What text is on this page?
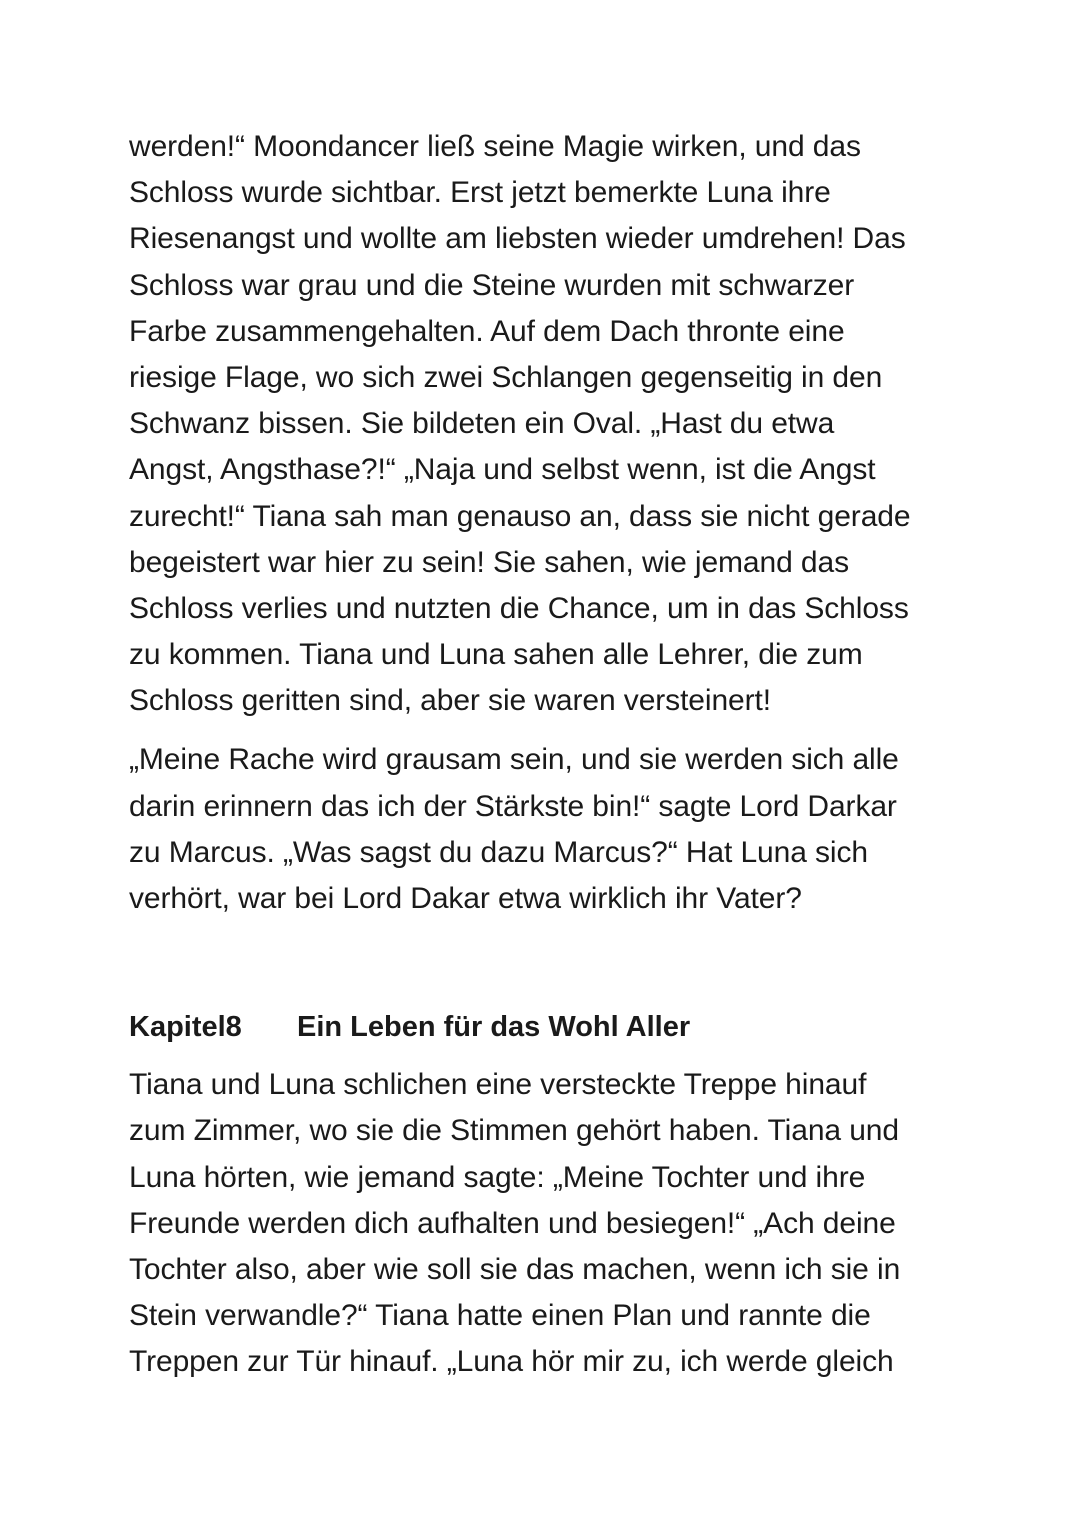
werden!“ Moondancer ließ seine Magie wirken, und das
Schloss wurde sichtbar. Erst jetzt bemerkte Luna ihre
Riesenangst und wollte am liebsten wieder umdrehen! Das
Schloss war grau und die Steine wurden mit schwarzer
Farbe zusammengehalten. Auf dem Dach thronte eine
riesige Flage, wo sich zwei Schlangen gegenseitig in den
Schwanz bissen. Sie bildeten ein Oval. „Hast du etwa
Angst, Angsthase?!“ „Naja und selbst wenn, ist die Angst
zurecht!“ Tiana sah man genauso an, dass sie nicht gerade
begeistert war hier zu sein! Sie sahen, wie jemand das
Schloss verlies und nutzten die Chance, um in das Schloss
zu kommen. Tiana und Luna sahen alle Lehrer, die zum
Schloss geritten sind, aber sie waren versteinert!
„Meine Rache wird grausam sein, und sie werden sich alle
darin erinnern das ich der Stärkste bin!“ sagte Lord Darkar
zu Marcus. „Was sagst du dazu Marcus?“ Hat Luna sich
verhört, war bei Lord Dakar etwa wirklich ihr Vater?
Kapitel8	Ein Leben für das Wohl Aller
Tiana und Luna schlichen eine versteckte Treppe hinauf
zum Zimmer, wo sie die Stimmen gehört haben. Tiana und
Luna hörten, wie jemand sagte: „Meine Tochter und ihre
Freunde werden dich aufhalten und besiegen!“ „Ach deine
Tochter also, aber wie soll sie das machen, wenn ich sie in
Stein verwandle?“ Tiana hatte einen Plan und rannte die
Treppen zur Tür hinauf. „Luna hör mir zu, ich werde gleich
